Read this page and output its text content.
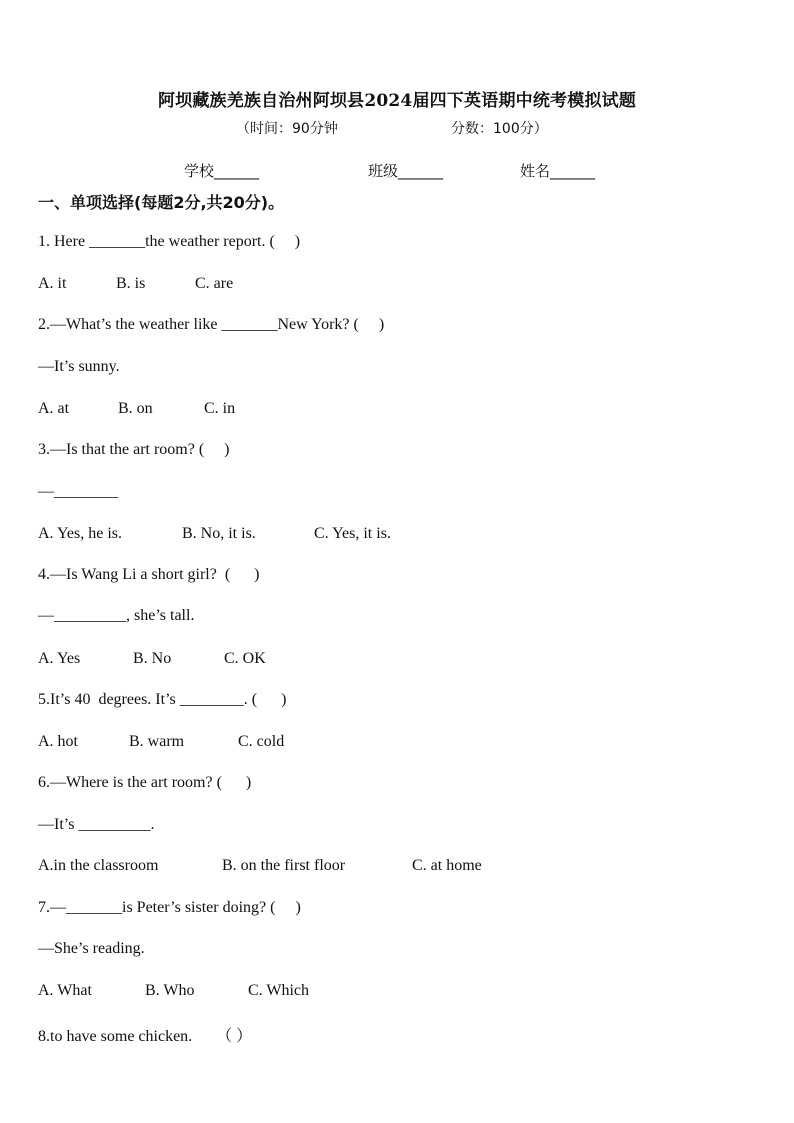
阿坝藏族羌族自治州阿坝县2024届四下英语期中统考模拟试题
（时间：90分钟	分数：100分）
学校______	班级______	姓名______
一、单项选择(每题2分,共20分)。
1. Here _______the weather report. (     )
A. it	B. is	C. are
2.—What’s the weather like _______New York? (     )
—It’s sunny.
A. at	B. on	C. in
3.—Is that the art room? (     )
—________
A. Yes, he is.	B. No, it is.	C. Yes, it is.
4.—Is Wang Li a short girl?  (      )
—_________, she’s tall.
A. Yes	B. No	C. OK
5.It’s 40  degrees. It’s ________. (      )
A. hot	B. warm	C. cold
6.—Where is the art room? (      )
—It’s _________.
A.in the classroom	B. on the first floor	C. at home
7.—_______is Peter’s sister doing? (     )
—She’s reading.
A. What	B. Who	C. Which
8.to have some chicken.      （ ）
